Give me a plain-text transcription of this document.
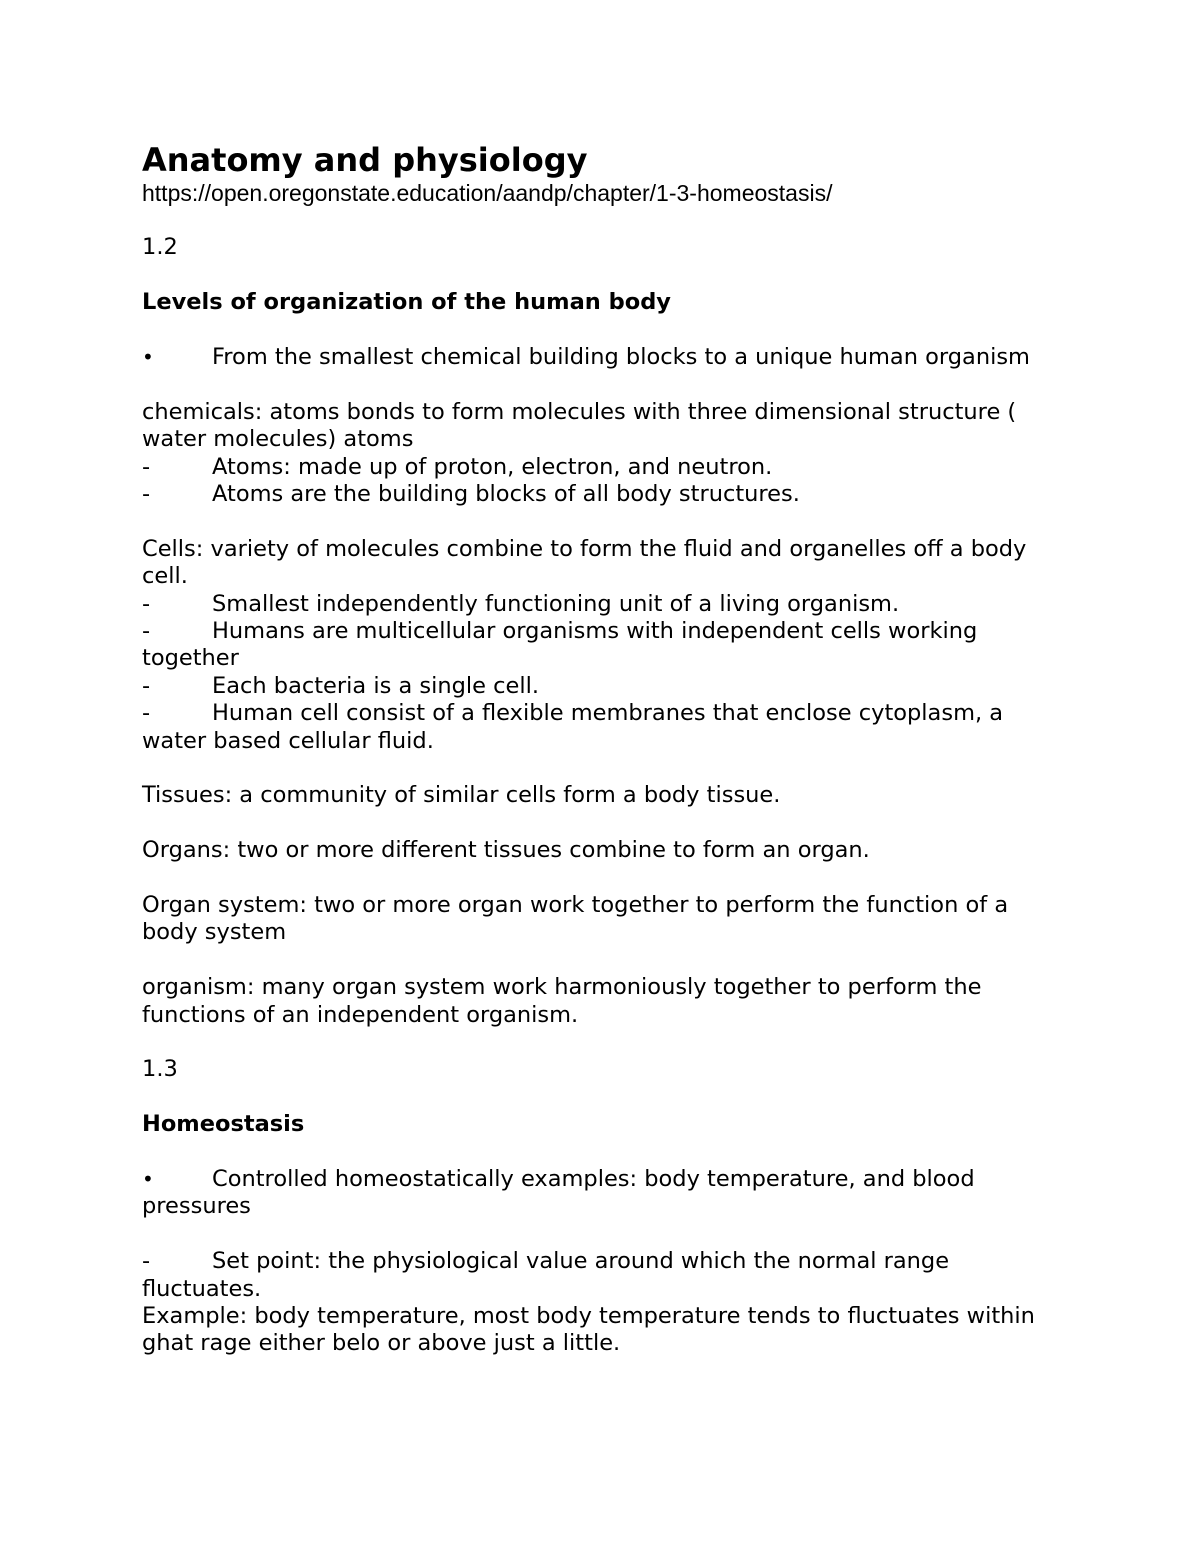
Anatomy and physiology

https://open.oregonstate.education/aandp/chapter/1-3-homeostasis/

1.2

Levels of organization of the human body

•	From the smallest chemical building blocks to a unique human organism

chemicals: atoms bonds to form molecules with three dimensional structure ( water molecules) atoms

-	Atoms: made up of proton, electron, and neutron.

-	Atoms are the building blocks of all body structures.

Cells: variety of molecules combine to form the fluid and organelles off a body cell.

-	Smallest independently functioning unit of a living organism.

-	Humans are multicellular organisms with independent cells working together

-	Each bacteria is a single cell.

-	Human cell consist of a flexible membranes that enclose cytoplasm, a water based cellular fluid.

Tissues: a community of similar cells form a body tissue.

Organs: two or more different tissues combine to form an organ.

Organ system: two or more organ work together to perform the function of a body system

organism: many organ system work harmoniously together to perform the functions of an independent organism.

1.3

Homeostasis

•	Controlled homeostatically examples: body temperature, and blood pressures

-	Set point: the physiological value around which the normal range fluctuates.

Example: body temperature, most body temperature tends to fluctuates within ghat rage either belo or above just a little.
